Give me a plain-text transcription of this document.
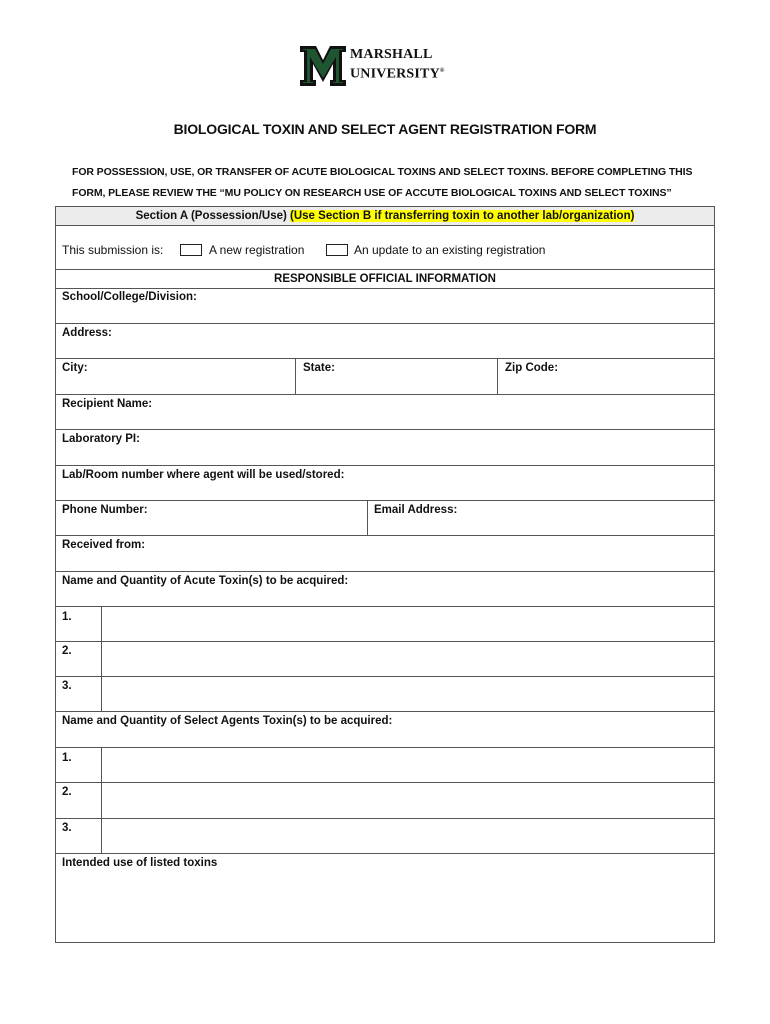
MARSHALL
UNIVERSITY®
BIOLOGICAL TOXIN AND SELECT AGENT REGISTRATION FORM
FOR POSSESSION, USE, OR TRANSFER OF ACUTE BIOLOGICAL TOXINS AND SELECT TOXINS. BEFORE COMPLETING THIS
FORM, PLEASE REVIEW THE “MU POLICY ON RESEARCH USE OF ACCUTE BIOLOGICAL TOXINS AND SELECT TOXINS”
Section A (Possession/Use) (Use Section B if transferring toxin to another lab/organization)
This submission is:	A new registration	An update to an existing registration
RESPONSIBLE OFFICIAL INFORMATION
School/College/Division:
Address:
City:	State:	Zip Code:
Recipient Name:
Laboratory PI:
Lab/Room number where agent will be used/stored:
Phone Number:	Email Address:
Received from:
Name and Quantity of Acute Toxin(s) to be acquired:
1.
2.
3.
Name and Quantity of Select Agents Toxin(s) to be acquired:
1.
2.
3.
Intended use of listed toxins
